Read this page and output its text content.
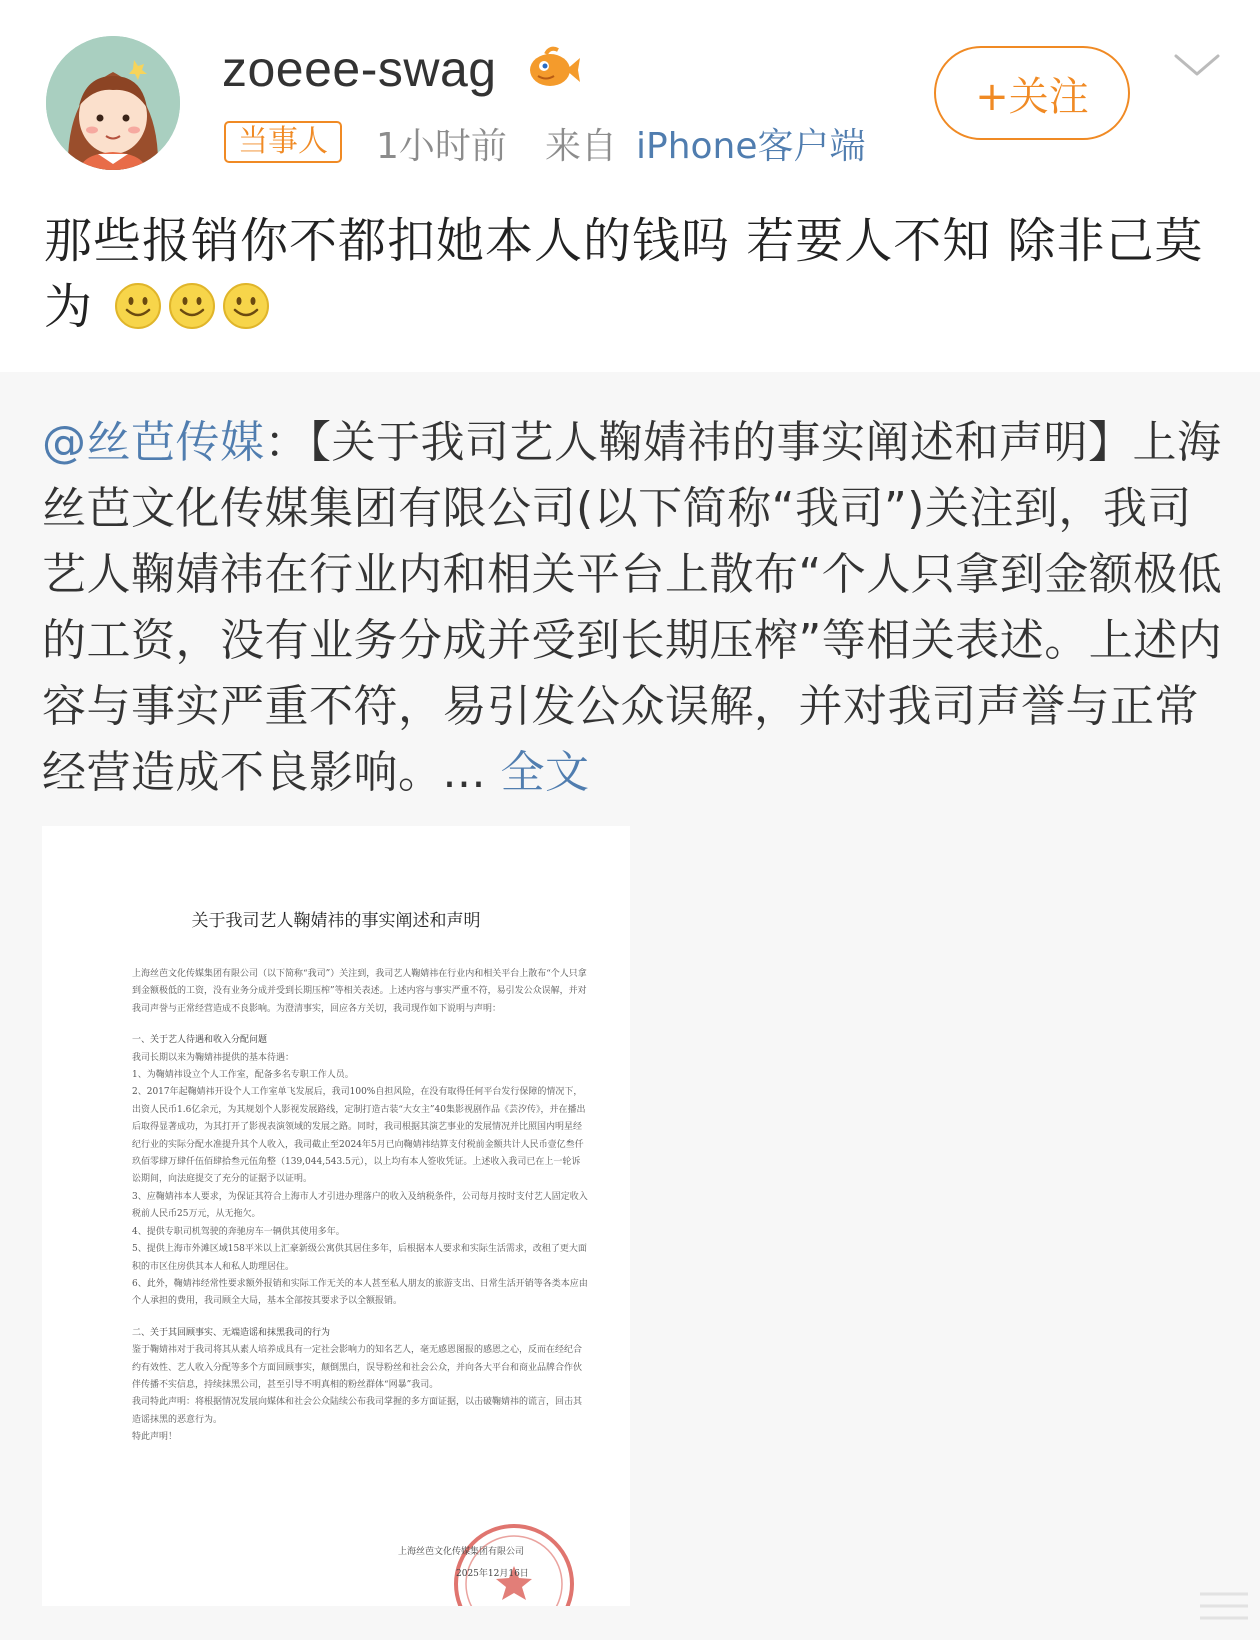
zoeee-swag
当事人	1小时前 来自 iPhone客户端
+关注
那些报销你不都扣她本人的钱吗 若要人不知 除非己莫为
@丝芭传媒：【关于我司艺人鞠婧祎的事实阐述和声明】上海丝芭文化传媒集团有限公司(以下简称“我司”)关注到，我司艺人鞠婧祎在行业内和相关平台上散布“个人只拿到金额极低的工资，没有业务分成并受到长期压榨”等相关表述。上述内容与事实严重不符，易引发公众误解，并对我司声誉与正常经营造成不良影响。... 全文
关于我司艺人鞠婧祎的事实阐述和声明

上海丝芭文化传媒集团有限公司（以下简称“我司”）关注到，我司艺人鞠婧祎在行业内和相关平台上散布“个人只拿到金额极低的工资，没有业务分成并受到长期压榨”等相关表述。上述内容与事实严重不符，易引发公众误解，并对我司声誉与正常经营造成不良影响。为澄清事实，回应各方关切，我司现作如下说明与声明：

一、关于艺人待遇和收入分配问题

我司长期以来为鞠婧祎提供的基本待遇：

1、为鞠婧祎设立个人工作室，配备多名专职工作人员。

2、2017年起鞠婧祎开设个人工作室单飞发展后，我司100%自担风险，在没有取得任何平台发行保障的情况下，出资人民币1.6亿余元，为其规划个人影视发展路线，定制打造古装“大女主”40集影视剧作品《芸汐传》，并在播出后取得显著成功，为其打开了影视表演领域的发展之路。同时，我司根据其演艺事业的发展情况并比照国内明星经纪行业的实际分配水准提升其个人收入，我司截止至2024年5月已向鞠婧祎结算支付税前金额共计人民币壹亿叁仟玖佰零肆万肆仟伍佰肆拾叁元伍角整（139,044,543.5元），以上均有本人签收凭证。上述收入我司已在上一轮诉讼期间，向法庭提交了充分的证据予以证明。

3、应鞠婧祎本人要求，为保证其符合上海市人才引进办理落户的收入及纳税条件，公司每月按时支付艺人固定收入税前人民币25万元，从无拖欠。

4、提供专职司机驾驶的奔驰房车一辆供其使用多年。

5、提供上海市外滩区域158平米以上汇豪新级公寓供其居住多年，后根据本人要求和实际生活需求，改租了更大面积的市区住房供其本人和私人助理居住。

6、此外，鞠婧祎经常性要求额外报销和实际工作无关的本人甚至私人朋友的旅游支出、日常生活开销等各类本应由个人承担的费用，我司顾全大局，基本全部按其要求予以全额报销。

二、关于其回顾事实、无端造谣和抹黑我司的行为

鉴于鞠婧祎对于我司将其从素人培养成具有一定社会影响力的知名艺人，毫无感恩图报的感恩之心，反而在经纪合约有效性、艺人收入分配等多个方面回顾事实，颠倒黑白，误导粉丝和社会公众，并向各大平台和商业品牌合作伙伴传播不实信息，持续抹黑公司，甚至引导不明真相的粉丝群体“网暴”我司。

我司特此声明：将根据情况发展向媒体和社会公众陆续公布我司掌握的多方面证据，以击破鞠婧祎的谎言，回击其造谣抹黑的恶意行为。

特此声明！

上海丝芭文化传媒集团有限公司
2025年12月16日
